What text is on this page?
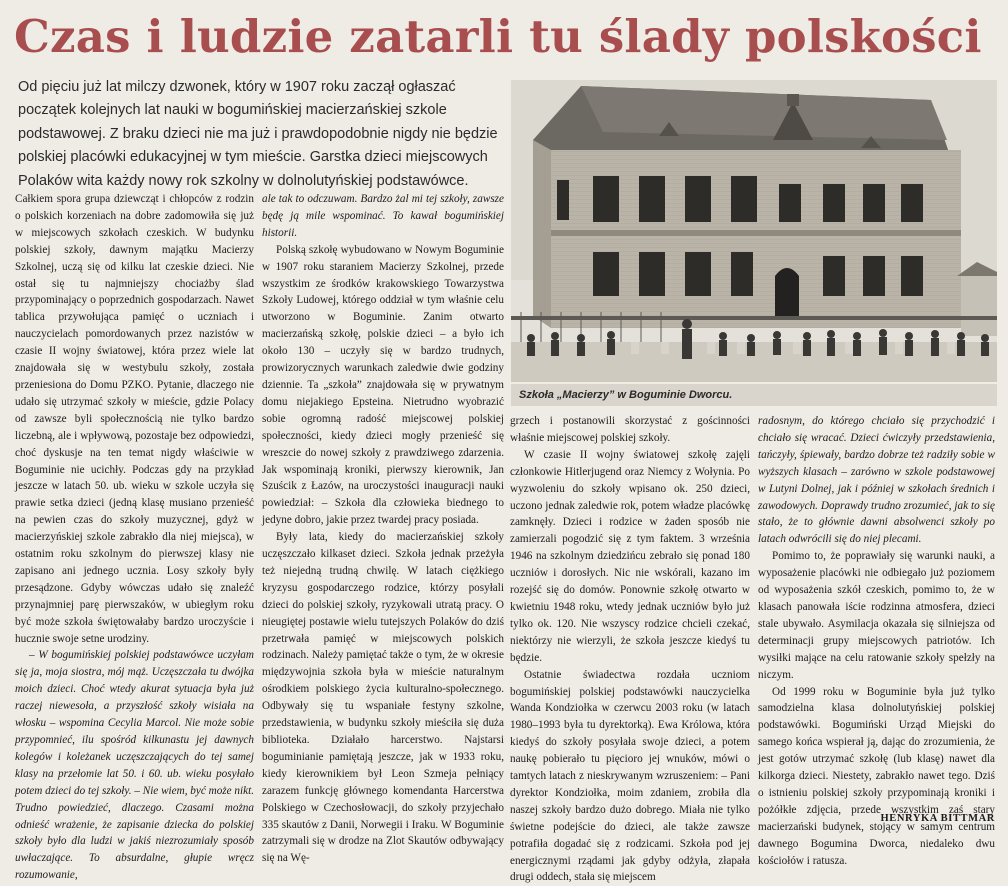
Czas i ludzie zatarli tu ślady polskości

Od pięciu już lat milczy dzwonek, który w 1907 roku zaczął ogłaszać początek kolejnych lat nauki w bogumińskiej macierzańskiej szkole podstawowej. Z braku dzieci nie ma już i prawdopodobnie nigdy nie będzie polskiej placówki edukacyjnej w tym mieście. Garstka dzieci miejscowych Polaków wita każdy nowy rok szkolny w dolnolutyńskiej podstawówce.

Szkoła „Macierzy” w Boguminie Dworcu.

Całkiem spora grupa dziewcząt i chłopców z rodzin o polskich korzeniach na dobre zadomowiła się już w miejscowych szkołach czeskich. W budynku polskiej szkoły, dawnym majątku Macierzy Szkolnej, uczą się od kilku lat czeskie dzieci. Nie ostał się tu najmniejszy chociażby ślad przypominający o poprzednich gospodarzach. Nawet tablica przywołująca pamięć o uczniach i nauczycielach pomordowanych przez nazistów w czasie II wojny światowej, która przez wiele lat znajdowała się w westybulu szkoły, została przeniesiona do Domu PZKO. Pytanie, dlaczego nie udało się utrzymać szkoły w mieście, gdzie Polacy od zawsze byli społecznością nie tylko bardzo liczebną, ale i wpływową, pozostaje bez odpowiedzi, choć dyskusje na ten temat nigdy właściwie w Boguminie nie ucichły. Podczas gdy na przykład jeszcze w latach 50. ub. wieku w szkole uczyła się prawie setka dzieci (jedną klasę musiano przenieść na pewien czas do szkoły muzycznej, gdyż w macierzyńskiej szkole zabrakło dla niej miejsca), w ostatnim roku szkolnym do pierwszej klasy nie zapisano ani jednego ucznia. Losy szkoły były przesądzone. Gdyby wówczas udało się znaleźć przynajmniej parę pierwszaków, w ubiegłym roku być może szkoła świętowałaby bardzo uroczyście i hucznie swoje setne urodziny.

– W bogumińskiej polskiej podstawówce uczyłam się ja, moja siostra, mój mąż. Uczęszczała tu dwójka moich dzieci. Choć wtedy akurat sytuacja była już raczej niewesoła, a przyszłość szkoły wisiała na włosku – wspomina Cecylia Marcol. Nie może sobie przypomnieć, ilu spośród kilkunastu jej dawnych kolegów i koleżanek uczęszczających do tej samej klasy na przełomie lat 50. i 60. ub. wieku posyłało potem dzieci do tej szkoły. – Nie wiem, być może nikt. Trudno powiedzieć, dlaczego. Czasami można odnieść wrażenie, że zapisanie dziecka do polskiej szkoły było dla ludzi w jakiś niezrozumiały sposób uwłaczające. To absurdalne, głupie wręcz rozumowanie,

ale tak to odczuwam. Bardzo żal mi tej szkoły, zawsze będę ją mile wspominać. To kawał bogumińskiej historii.

Polską szkołę wybudowano w Nowym Boguminie w 1907 roku staraniem Macierzy Szkolnej, przede wszystkim ze środków krakowskiego Towarzystwa Szkoły Ludowej, którego oddział w tym właśnie celu utworzono w Boguminie. Zanim otwarto macierzańską szkołę, polskie dzieci – a było ich około 130 – uczyły się w bardzo trudnych, prowizorycznych warunkach zaledwie dwie godziny dziennie. Ta „szkoła” znajdowała się w prywatnym domu niejakiego Epsteina. Nietrudno wyobrazić sobie ogromną radość miejscowej polskiej społeczności, kiedy dzieci mogły przenieść się wreszcie do nowej szkoły z prawdziwego zdarzenia. Jak wspominają kroniki, pierwszy kierownik, Jan Szuścik z Łazów, na uroczystości inauguracji nauki powiedział: – Szkoła dla człowieka biednego to jedyne dobro, jakie przez twardej pracy posiada.

Były lata, kiedy do macierzańskiej szkoły uczęszczało kilkaset dzieci. Szkoła jednak przeżyła też niejedną trudną chwilę. W latach ciężkiego kryzysu gospodarczego rodzice, którzy posyłali dzieci do polskiej szkoły, ryzykowali utratą pracy. O nieugiętej postawie wielu tutejszych Polaków do dziś przetrwała pamięć w miejscowych polskich rodzinach. Należy pamiętać także o tym, że w okresie międzywojnia szkoła była w mieście naturalnym ośrodkiem polskiego życia kulturalno-społecznego. Odbywały się tu wspaniałe festyny szkolne, przedstawienia, w budynku szkoły mieściła się duża biblioteka. Działało harcerstwo. Najstarsi boguminianie pamiętają jeszcze, jak w 1933 roku, kiedy kierownikiem był Leon Szmeja pełniący zarazem funkcję głównego komendanta Harcerstwa Polskiego w Czechosłowacji, do szkoły przyjechało 335 skautów z Danii, Norwegii i Iraku. W Boguminie zatrzymali się w drodze na Zlot Skautów odbywający się na Wę-

grzech i postanowili skorzystać z gościnności właśnie miejscowej polskiej szkoły.

W czasie II wojny światowej szkołę zajęli członkowie Hitlerjugend oraz Niemcy z Wołynia. Po wyzwoleniu do szkoły wpisano ok. 250 dzieci, uczono jednak zaledwie rok, potem władze placówkę zamknęły. Dzieci i rodzice w żaden sposób nie zamierzali pogodzić się z tym faktem. 3 września 1946 na szkolnym dziedzińcu zebrało się ponad 180 uczniów i dorosłych. Nic nie wskórali, kazano im rozejść się do domów. Ponownie szkołę otwarto w kwietniu 1948 roku, wtedy jednak uczniów było już tylko ok. 120. Nie wszyscy rodzice chcieli czekać, niektórzy nie wierzyli, że szkoła jeszcze kiedyś tu będzie.

Ostatnie świadectwa rozdała uczniom bogumińskiej polskiej podstawówki nauczycielka Wanda Kondziołka w czerwcu 2003 roku (w latach 1980–1993 była tu dyrektorką). Ewa Królowa, która kiedyś do szkoły posyłała swoje dzieci, a potem naukę pobierało tu pięcioro jej wnuków, mówi o tamtych latach z nieskrywanym wzruszeniem: – Pani dyrektor Kondziołka, moim zdaniem, zrobiła dla naszej szkoły bardzo dużo dobrego. Miała nie tylko świetne podejście do dzieci, ale także zawsze potrafiła dogadać się z rodzicami. Szkoła pod jej energicznymi rządami jak gdyby odżyła, złapała drugi oddech, stała się miejscem

radosnym, do którego chciało się przychodzić i chciało się wracać. Dzieci ćwiczyły przedstawienia, tańczyły, śpiewały, bardzo dobrze też radziły sobie w wyższych klasach – zarówno w szkole podstawowej w Lutyni Dolnej, jak i później w szkołach średnich i zawodowych. Doprawdy trudno zrozumieć, jak to się stało, że to głównie dawni absolwenci szkoły po latach odwrócili się do niej plecami.

Pomimo to, że poprawiały się warunki nauki, a wyposażenie placówki nie odbiegało już poziomem od wyposażenia szkół czeskich, pomimo to, że w klasach panowała iście rodzinna atmosfera, dzieci stale ubywało. Asymilacja okazała się silniejsza od determinacji grupy miejscowych patriotów. Ich wysiłki mające na celu ratowanie szkoły spełzły na niczym.

Od 1999 roku w Boguminie była już tylko samodzielna klasa dolnolutyńskiej polskiej podstawówki. Bogumiński Urząd Miejski do samego końca wspierał ją, dając do zrozumienia, że jest gotów utrzymać szkołę (lub klasę) nawet dla kilkorga dzieci. Niestety, zabrakło nawet tego. Dziś o istnieniu polskiej szkoły przypominają kroniki i pożółkłe zdjęcia, przede wszystkim zaś stary macierzański budynek, stojący w samym centrum dawnego Bogumina Dworca, niedaleko dwu kościołów i ratusza.

HENRYKA BITTMAR
